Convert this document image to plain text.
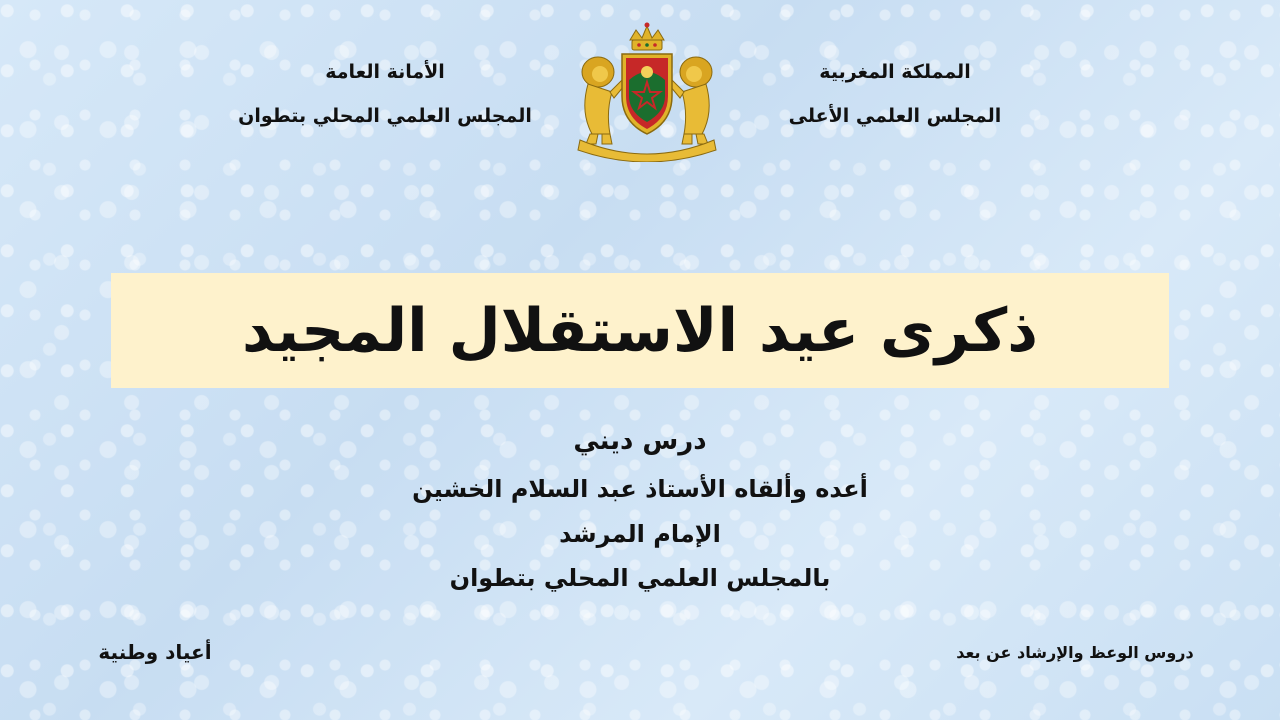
المملكة المغربية
المجلس العلمي الأعلى
الأمانة العامة
المجلس العلمي المحلي بتطوان
ذكرى عيد الاستقلال المجيد
درس ديني
أعده وألقاه الأستاذ عبد السلام الخشين
الإمام المرشد
بالمجلس العلمي المحلي بتطوان
دروس الوعظ والإرشاد عن بعد
أعياد وطنية
